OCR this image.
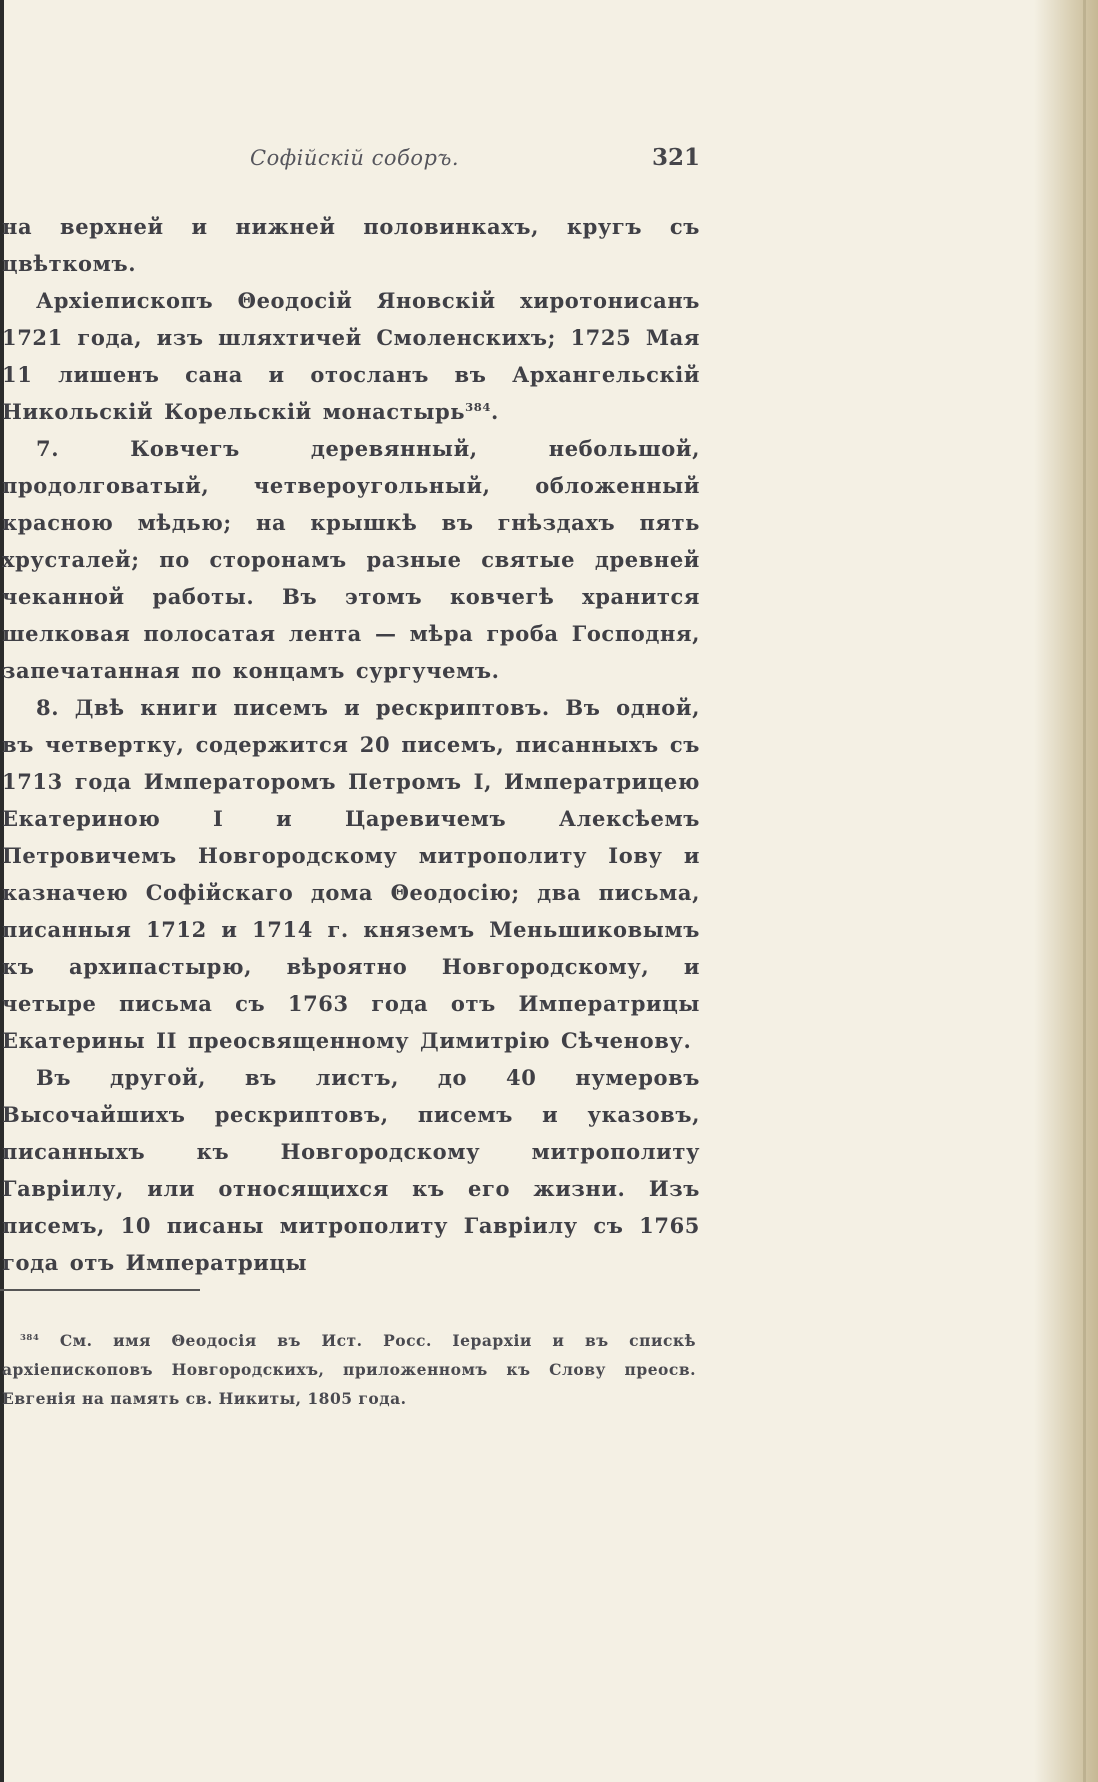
Софійскій соборъ.	321

на верхней и нижней половинкахъ, кругъ съ цвѣткомъ.

Архіепископъ Θеодосій Яновскій хиротонисанъ 1721 года, изъ шляхтичей Смоленскихъ; 1725 Мая 11 лишенъ сана и отосланъ въ Архангельскій Никольскій Корельскій монастырь$^{384}$.

7. Ковчегъ деревянный, небольшой, продолговатый, четвероугольный, обложенный красною мѣдью; на крышкѣ въ гнѣздахъ пять хрусталей; по сторонамъ разные святые древней чеканной работы. Въ этомъ ковчегѣ хранится шелковая полосатая лента — мѣра гроба Господня, запечатанная по концамъ сургучемъ.

8. Двѣ книги писемъ и рескриптовъ. Въ одной, въ четвертку, содержится 20 писемъ, писанныхъ съ 1713 года Императоромъ Петромъ I, Императрицею Екатериною I и Царевичемъ Алексѣемъ Петровичемъ Новгородскому митрополиту Іову и казначею Софійскаго дома Θеодосію; два письма, писанныя 1712 и 1714 г. княземъ Меньшиковымъ къ архипастырю, вѣроятно Новгородскому, и четыре письма съ 1763 года отъ Императрицы Екатерины II преосвященному Димитрію Сѣченову.

Въ другой, въ листъ, до 40 нумеровъ Высочайшихъ рескриптовъ, писемъ и указовъ, писанныхъ къ Новгородскому митрополиту Гавріилу, или относящихся къ его жизни. Изъ писемъ, 10 писаны митрополиту Гавріилу съ 1765 года отъ Императрицы

$^{384}$ См. имя Θеодосія въ Ист. Росс. Іерархіи и въ спискѣ архіепископовъ Новгородскихъ, приложенномъ къ Слову преосв. Евгенія на память св. Никиты, 1805 года.
